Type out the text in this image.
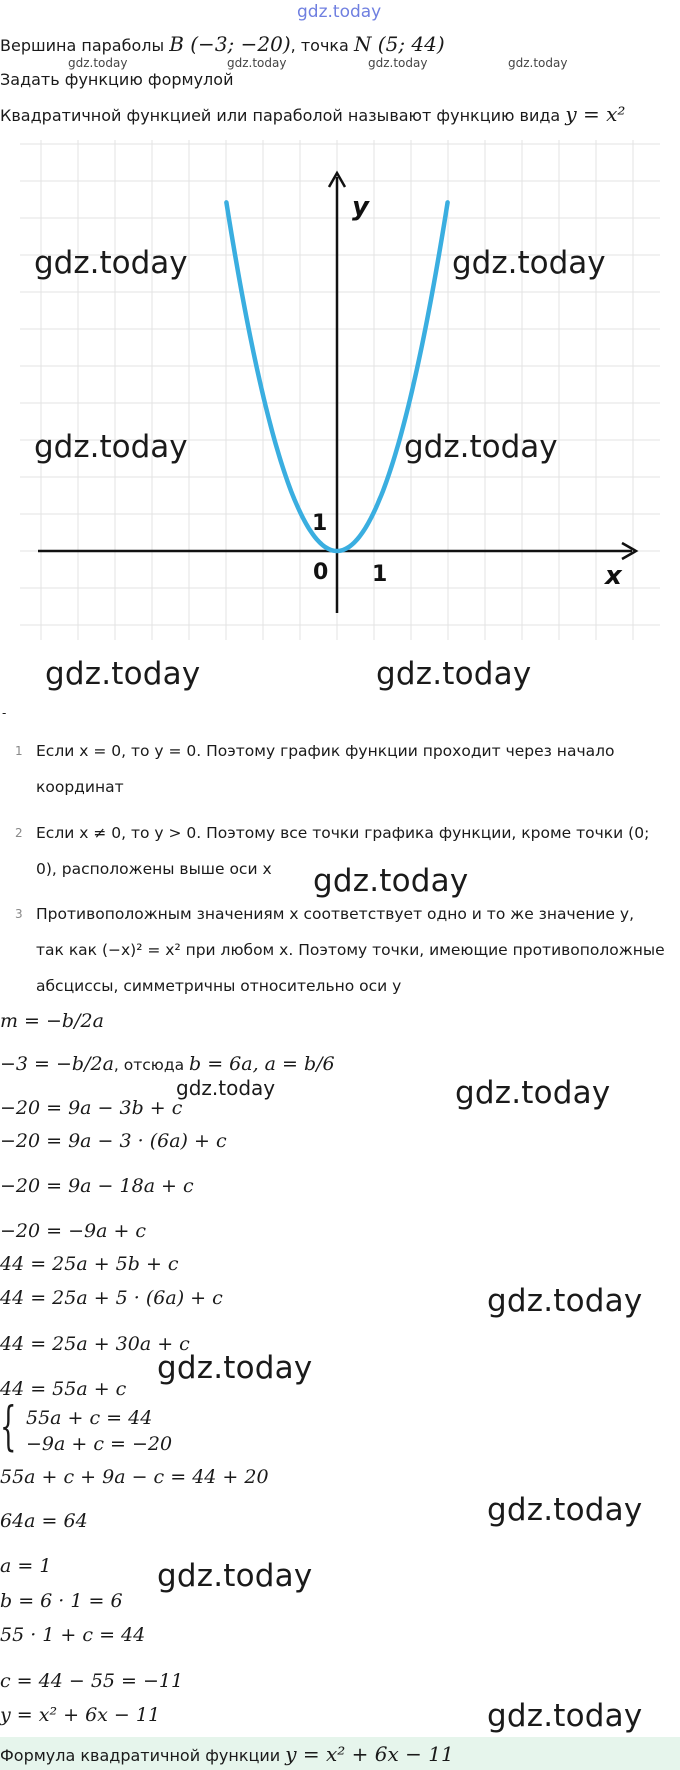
gdz.today
Вершина параболы B (−3; −20), точка N (5; 44)
gdz.today	gdz.today	gdz.today	gdz.today
Задать функцию формулой
Квадратичной функцией или параболой называют функцию вида y = x²
y
x
0 1
1
gdz.today	gdz.today
gdz.today	gdz.today
gdz.today	gdz.today
-
1 Если x = 0, то y = 0. Поэтому график функции проходит через начало координат
2 Если x ≠ 0, то y > 0. Поэтому все точки графика функции, кроме точки (0; 0), расположены выше оси x
3 Противоположным значениям x соответствует одно и то же значение y, так как (−x)² = x² при любом x. Поэтому точки, имеющие противоположные абсциссы, симметричны относительно оси y
gdz.today
m = −b/2a
−3 = −b/2a, отсюда b = 6a, a = b/6
gdz.today	gdz.today
−20 = 9a − 3b + c
−20 = 9a − 3 · (6a) + c
−20 = 9a − 18a + c
−20 = −9a + c
44 = 25a + 5b + c
gdz.today
44 = 25a + 5 · (6a) + c
44 = 25a + 30a + c
gdz.today
44 = 55a + c
{ 55a + c = 44
−9a + c = −20
55a + c + 9a − c = 44 + 20
gdz.today
64a = 64
a = 1	gdz.today
b = 6 · 1 = 6
55 · 1 + c = 44
c = 44 − 55 = −11
gdz.today
y = x² + 6x − 11
Формула квадратичной функции y = x² + 6x − 11
